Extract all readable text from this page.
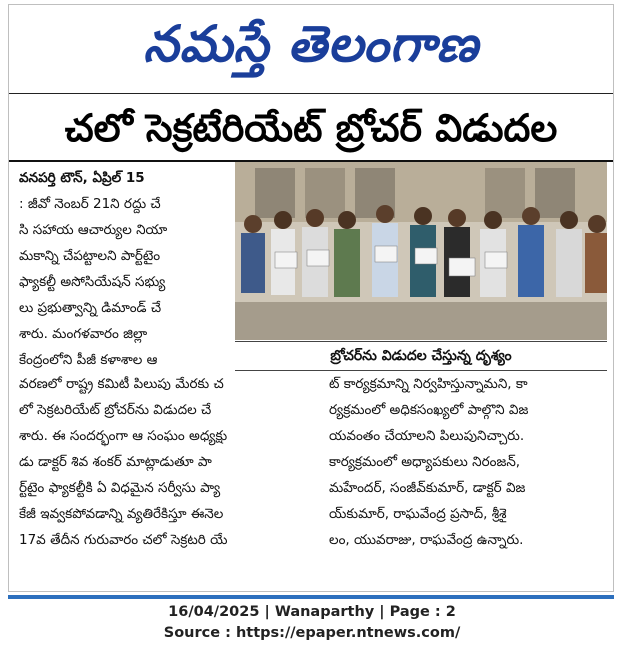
నమస్తే తెలంగాణ
చలో సెక్రటేరియేట్ బ్రోచర్ విడుదల

వనపర్తి టౌన్, ఏప్రిల్ 15

: జీవో నెంబర్ 21ని రద్దు చే

సి సహాయ ఆచార్యుల నియా

మకాన్ని చేపట్టాలని పార్ట్‌టైం

ఫ్యాకల్టీ అసోసియేషన్ సభ్యు

లు ప్రభుత్వాన్ని డిమాండ్ చే

శారు. మంగళవారం జిల్లా

కేంద్రంలోని పీజీ కళాశాల ఆ	బ్రోచర్‌ను విడుదల చేస్తున్న దృశ్యం

వరణలో రాష్ట్ర కమిటీ పిలుపు మేరకు చ

లో సెక్రటరియేట్ బ్రోచర్‌ను విడుదల చే

శారు. ఈ సందర్భంగా ఆ సంఘం అధ్యక్షు

డు డాక్టర్ శివ శంకర్ మాట్లాడుతూ పా

ర్ట్‌టైం ఫ్యాకల్టీకి ఏ విధమైన సర్వీసు ప్యా

కేజీ ఇవ్వకపోవడాన్ని వ్యతిరేకిస్తూ ఈనెల

17వ తేదీన గురువారం చలో సెక్రటరి యే

ట్ కార్యక్రమాన్ని నిర్వహిస్తున్నామని, కా

ర్యక్రమంలో అధికసంఖ్యలో పాల్గొని విజ

యవంతం చేయాలని పిలుపునిచ్చారు.

కార్యక్రమంలో అధ్యాపకులు నిరంజన్,

మహేందర్, సంజీవ్‌కుమార్, డాక్టర్ విజ

య్‌కుమార్, రాఘవేంద్ర ప్రసాద్, శ్రీశై

లం, యువరాజు, రాఘవేంద్ర ఉన్నారు.

16/04/2025 | Wanaparthy | Page : 2
Source : https://epaper.ntnews.com/
